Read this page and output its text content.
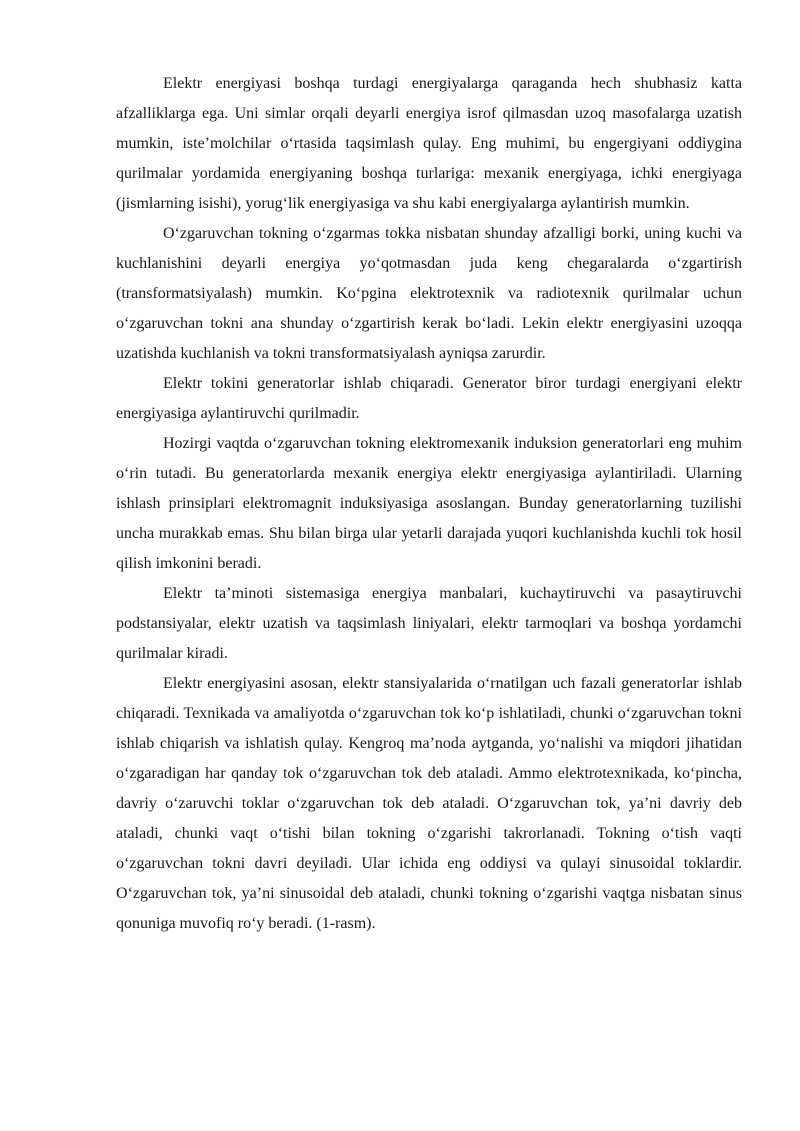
Elektr energiyasi boshqa turdagi energiyalarga qaraganda hech shubhasiz katta afzalliklarga ega. Uni simlar orqali deyarli energiya isrof qilmasdan uzoq masofalarga uzatish mumkin, iste’molchilar o‘rtasida taqsimlash qulay. Eng muhimi, bu engergiyani oddiygina qurilmalar yordamida energiyaning boshqa turlariga: mexanik energiyaga, ichki energiyaga (jismlarning isishi), yorug‘lik energiyasiga va shu kabi energiyalarga aylantirish mumkin.

O‘zgaruvchan tokning o‘zgarmas tokka nisbatan shunday afzalligi borki, uning kuchi va kuchlanishini deyarli energiya yo‘qotmasdan juda keng chegaralarda o‘zgartirish (transformatsiyalash) mumkin. Ko‘pgina elektrotexnik va radiotexnik qurilmalar uchun o‘zgaruvchan tokni ana shunday o‘zgartirish kerak bo‘ladi. Lekin elektr energiyasini uzoqqa uzatishda kuchlanish va tokni transformatsiyalash ayniqsa zarurdir.

Elektr tokini generatorlar ishlab chiqaradi. Generator biror turdagi energiyani elektr energiyasiga aylantiruvchi qurilmadir.

Hozirgi vaqtda o‘zgaruvchan tokning elektromexanik induksion generatorlari eng muhim o‘rin tutadi. Bu generatorlarda mexanik energiya elektr energiyasiga aylantiriladi. Ularning ishlash prinsiplari elektromagnit induksiyasiga asoslangan. Bunday generatorlarning tuzilishi uncha murakkab emas. Shu bilan birga ular yetarli darajada yuqori kuchlanishda kuchli tok hosil qilish imkonini beradi.

Elektr ta’minoti sistemasiga energiya manbalari, kuchaytiruvchi va pasaytiruvchi podstansiyalar, elektr uzatish va taqsimlash liniyalari, elektr tarmoqlari va boshqa yordamchi qurilmalar kiradi.

Elektr energiyasini asosan, elektr stansiyalarida o‘rnatilgan uch fazali generatorlar ishlab chiqaradi. Texnikada va amaliyotda o‘zgaruvchan tok ko‘p ishlatiladi, chunki o‘zgaruvchan tokni ishlab chiqarish va ishlatish qulay. Kengroq ma’noda aytganda, yo‘nalishi va miqdori jihatidan o‘zgaradigan har qanday tok o‘zgaruvchan tok deb ataladi. Ammo elektrotexnikada, ko‘pincha, davriy o‘zaruvchi toklar o‘zgaruvchan tok deb ataladi. O‘zgaruvchan tok, ya’ni davriy deb ataladi, chunki vaqt o‘tishi bilan tokning o‘zgarishi takrorlanadi. Tokning o‘tish vaqti o‘zgaruvchan tokni davri deyiladi. Ular ichida eng oddiysi va qulayi sinusoidal toklardir. O‘zgaruvchan tok, ya’ni sinusoidal deb ataladi, chunki tokning o‘zgarishi vaqtga nisbatan sinus qonuniga muvofiq ro‘y beradi. (1-rasm).
